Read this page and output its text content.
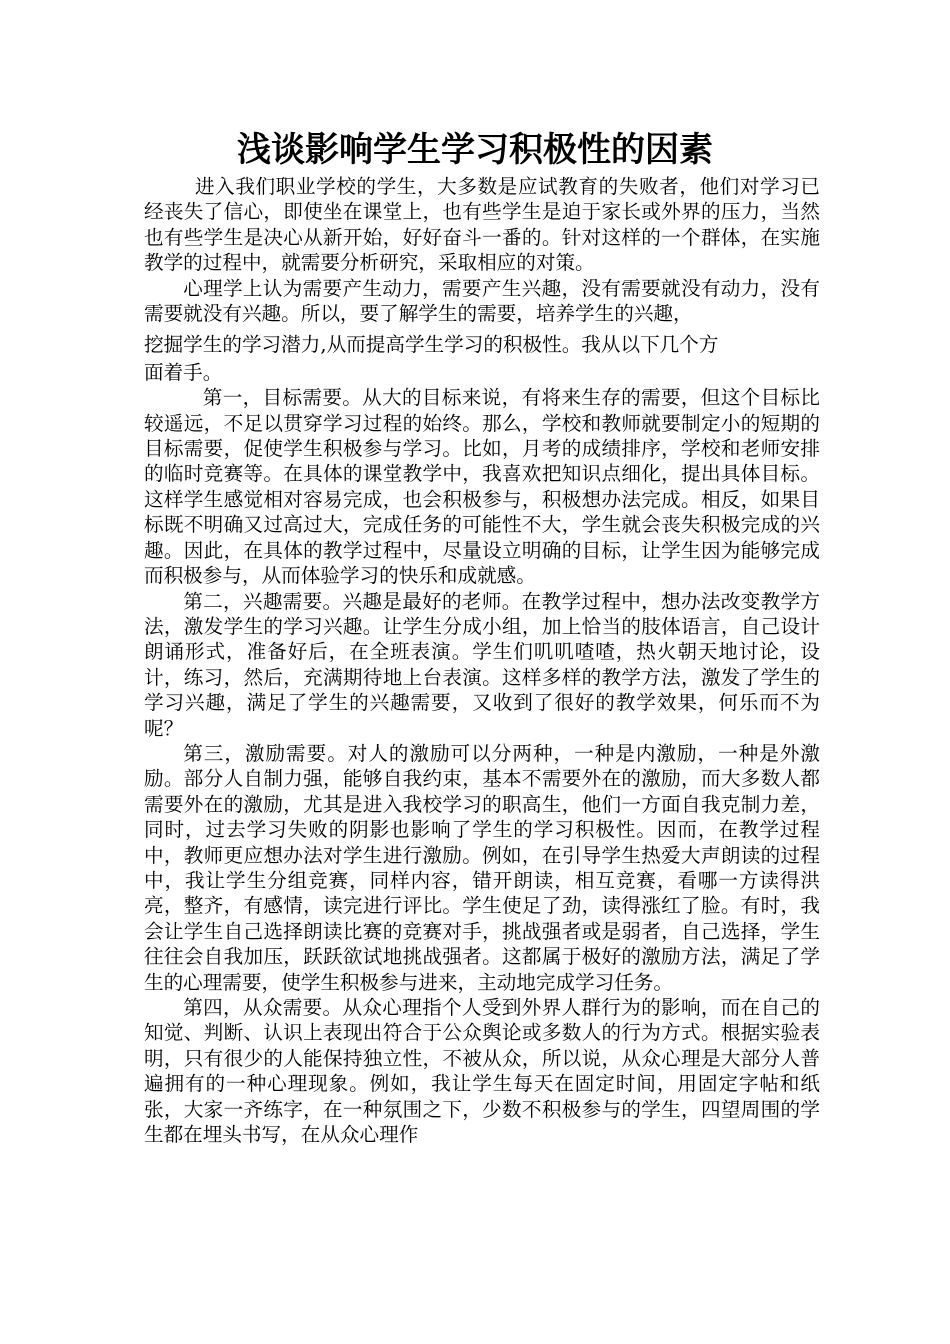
浅谈影响学生学习积极性的因素

进入我们职业学校的学生，大多数是应试教育的失败者，他们对学习已经丧失了信心，即使坐在课堂上，也有些学生是迫于家长或外界的压力，当然也有些学生是决心从新开始，好好奋斗一番的。针对这样的一个群体，在实施教学的过程中，就需要分析研究，采取相应的对策。

心理学上认为需要产生动力，需要产生兴趣，没有需要就没有动力，没有需要就没有兴趣。所以，要了解学生的需要，培养学生的兴趣，

挖掘学生的学习潜力,从而提高学生学习的积极性。我从以下几个方

面着手。

第一，目标需要。从大的目标来说，有将来生存的需要，但这个目标比较遥远，不足以贯穿学习过程的始终。那么，学校和教师就要制定小的短期的目标需要，促使学生积极参与学习。比如，月考的成绩排序，学校和老师安排的临时竞赛等。在具体的课堂教学中，我喜欢把知识点细化，提出具体目标。这样学生感觉相对容易完成，也会积极参与，积极想办法完成。相反，如果目标既不明确又过高过大，完成任务的可能性不大，学生就会丧失积极完成的兴趣。因此，在具体的教学过程中，尽量设立明确的目标，让学生因为能够完成而积极参与，从而体验学习的快乐和成就感。

第二，兴趣需要。兴趣是最好的老师。在教学过程中，想办法改变教学方法，激发学生的学习兴趣。让学生分成小组，加上恰当的肢体语言，自己设计朗诵形式，准备好后，在全班表演。学生们叽叽喳喳，热火朝天地讨论，设计，练习，然后，充满期待地上台表演。这样多样的教学方法，激发了学生的学习兴趣，满足了学生的兴趣需要，又收到了很好的教学效果，何乐而不为呢？

第三，激励需要。对人的激励可以分两种，一种是内激励，一种是外激励。部分人自制力强，能够自我约束，基本不需要外在的激励，而大多数人都需要外在的激励，尤其是进入我校学习的职高生，他们一方面自我克制力差，同时，过去学习失败的阴影也影响了学生的学习积极性。因而，在教学过程中，教师更应想办法对学生进行激励。例如，在引导学生热爱大声朗读的过程中，我让学生分组竞赛，同样内容，错开朗读，相互竞赛，看哪一方读得洪亮，整齐，有感情，读完进行评比。学生使足了劲，读得涨红了脸。有时，我会让学生自己选择朗读比赛的竞赛对手，挑战强者或是弱者，自己选择，学生往往会自我加压，跃跃欲试地挑战强者。这都属于极好的激励方法，满足了学生的心理需要，使学生积极参与进来，主动地完成学习任务。

第四，从众需要。从众心理指个人受到外界人群行为的影响，而在自己的知觉、判断、认识上表现出符合于公众舆论或多数人的行为方式。根据实验表明，只有很少的人能保持独立性，不被从众，所以说，从众心理是大部分人普遍拥有的一种心理现象。例如，我让学生每天在固定时间，用固定字帖和纸张，大家一齐练字，在一种氛围之下，少数不积极参与的学生，四望周围的学生都在埋头书写，在从众心理作
